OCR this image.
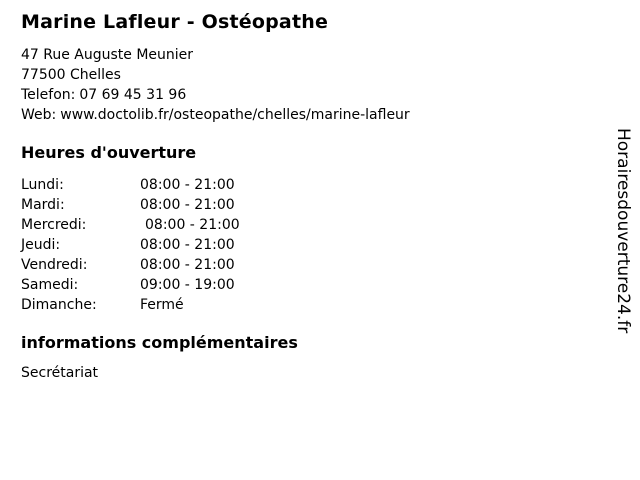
Marine Lafleur - Ostéopathe
47 Rue Auguste Meunier
77500 Chelles
Telefon: 07 69 45 31 96
Web: www.doctolib.fr/osteopathe/chelles/marine-lafleur
Heures d'ouverture
Lundi:	08:00 - 21:00
Mardi:	08:00 - 21:00
Mercredi:	08:00 - 21:00
Jeudi:	08:00 - 21:00
Vendredi:	08:00 - 21:00
Samedi:	09:00 - 19:00
Dimanche:	Fermé
informations complémentaires
Secrétariat
Horairesdouverture24.fr
